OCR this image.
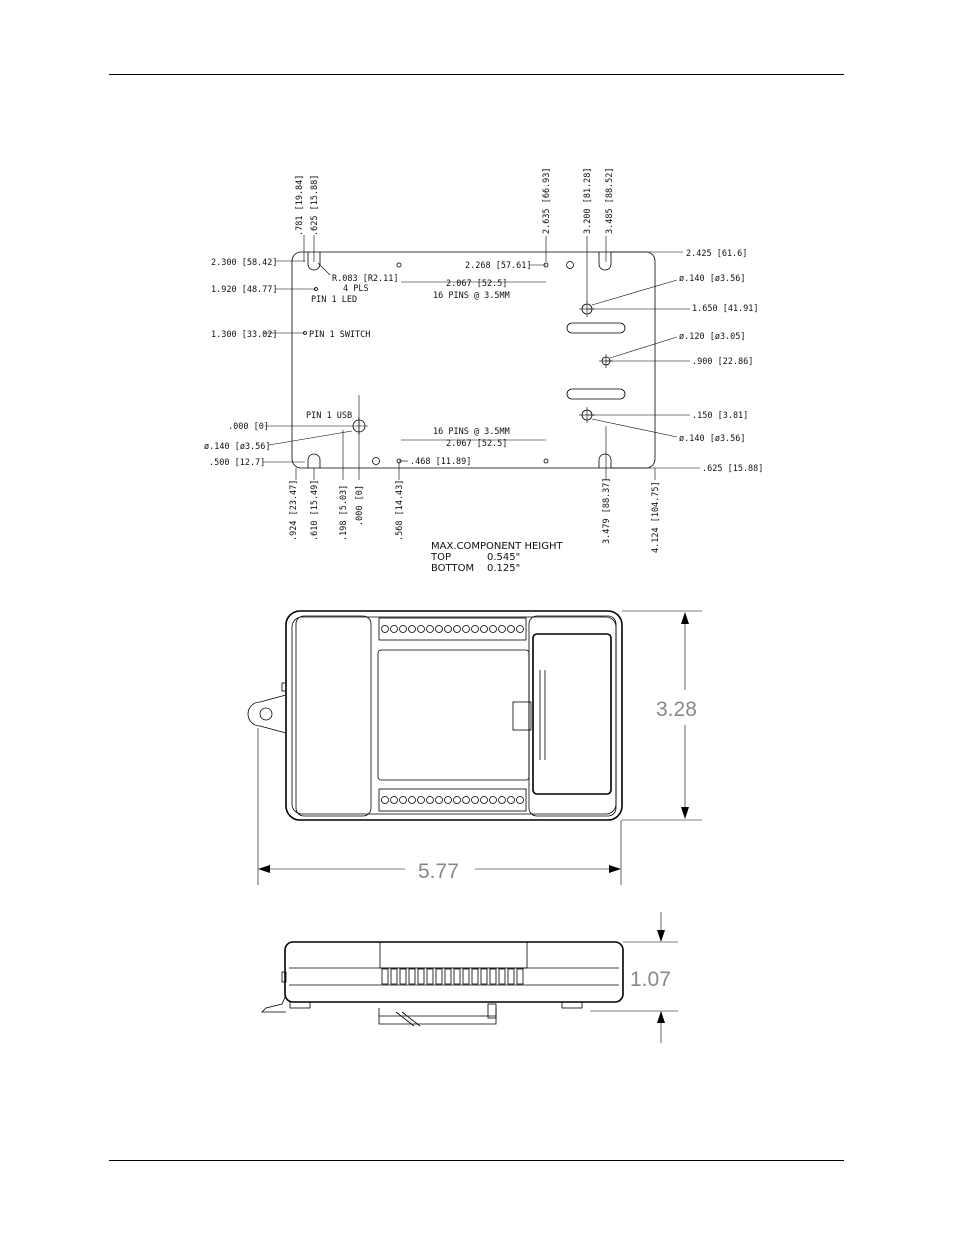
.781 [19.84] .625 [15.88]	2.635 [66.93]	3.200 [81.28] 3.485 [88.52]
.924 [23.47] .610 [15.49] .198 [5.03] .000 [0]	.568 [14.43]	3.479 [88.37]	4.124 [104.75]
2.300 [58.42]
1.920 [48.77]
1.300 [33.02]
.000 [0]
ø.140 [ø3.56]
.500 [12.7]
2.425 [61.6]
ø.140 [ø3.56]
1.650 [41.91]
ø.120 [ø3.05]
.900 [22.86]
.150 [3.81]
ø.140 [ø3.56]
.625 [15.88]
R.083 [R2.11]
4 PLS
PIN 1 LED
PIN 1 SWITCH
PIN 1 USB
2.268 [57.61]
2.067 [52.5]
16 PINS @ 3.5MM
16 PINS @ 3.5MM
2.067 [52.5]
.468 [11.89]
MAX.COMPONENT HEIGHT
TOP	0.545"
BOTTOM 0.125"
3.28
5.77
1.07
